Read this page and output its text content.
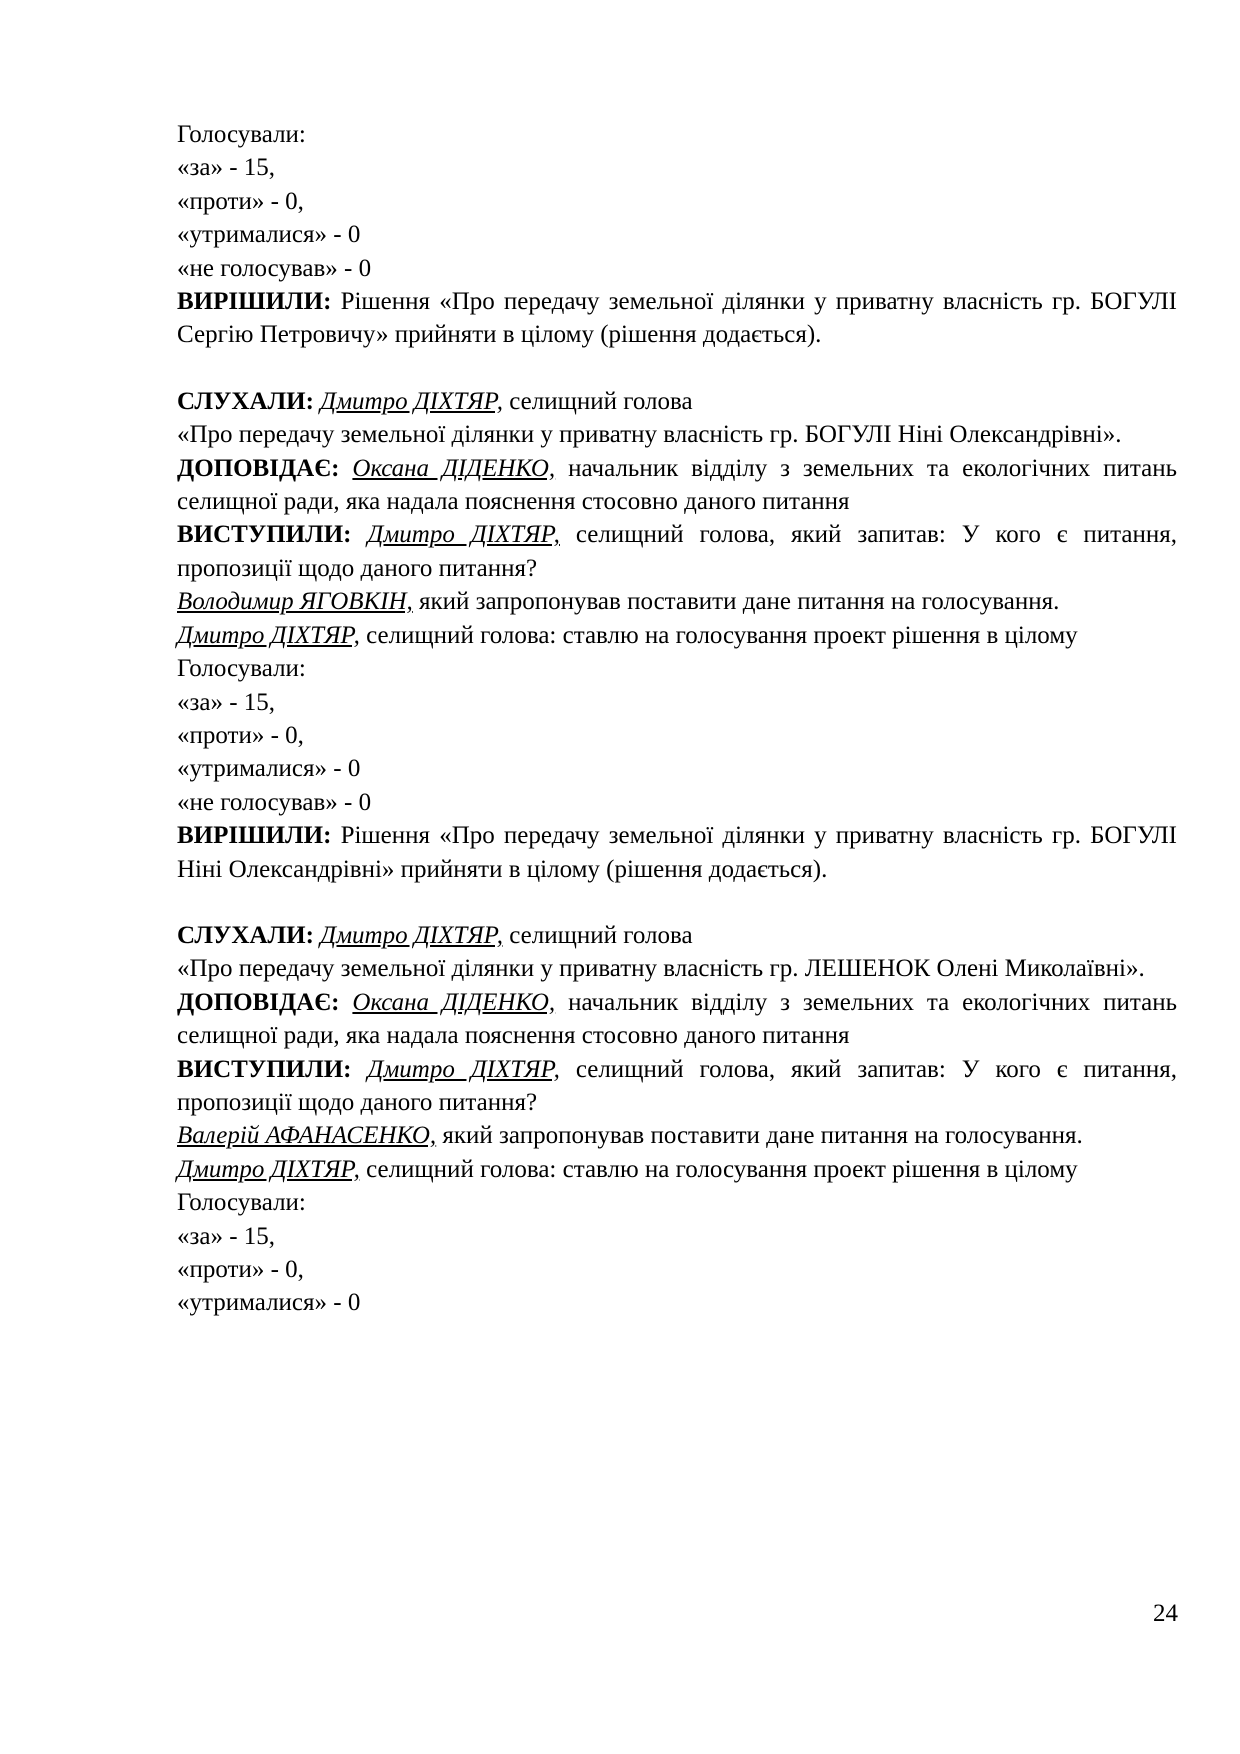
Голосували:

«за» - 15,

«проти» - 0,

«утрималися» - 0

«не голосував» - 0

ВИРІШИЛИ: Рішення «Про передачу земельної ділянки у приватну власність гр. БОГУЛІ Сергію Петровичу» прийняти в цілому (рішення додається).

СЛУХАЛИ: Дмитро ДІХТЯР, селищний голова

«Про передачу земельної ділянки у приватну власність гр. БОГУЛІ Ніні Олександрівні».

ДОПОВІДАЄ: Оксана ДІДЕНКО, начальник відділу з земельних та екологічних питань селищної ради, яка надала пояснення стосовно даного питання

ВИСТУПИЛИ: Дмитро ДІХТЯР, селищний голова, який запитав: У кого є питання, пропозиції щодо даного питання?

Володимир ЯГОВКІН, який запропонував поставити дане питання на голосування.

Дмитро ДІХТЯР, селищний голова: ставлю на голосування проект рішення в цілому

Голосували:

«за» - 15,

«проти» - 0,

«утрималися» - 0

«не голосував» - 0

ВИРІШИЛИ: Рішення «Про передачу земельної ділянки у приватну власність гр. БОГУЛІ Ніні Олександрівні» прийняти в цілому (рішення додається).

СЛУХАЛИ: Дмитро ДІХТЯР, селищний голова

«Про передачу земельної ділянки у приватну власність гр. ЛЕШЕНОК Олені Миколаївні».

ДОПОВІДАЄ: Оксана ДІДЕНКО, начальник відділу з земельних та екологічних питань селищної ради, яка надала пояснення стосовно даного питання

ВИСТУПИЛИ: Дмитро ДІХТЯР, селищний голова, який запитав: У кого є питання, пропозиції щодо даного питання?

Валерій АФАНАСЕНКО, який запропонував поставити дане питання на голосування.

Дмитро ДІХТЯР, селищний голова: ставлю на голосування проект рішення в цілому

Голосували:

«за» - 15,

«проти» - 0,

«утрималися» - 0

24
